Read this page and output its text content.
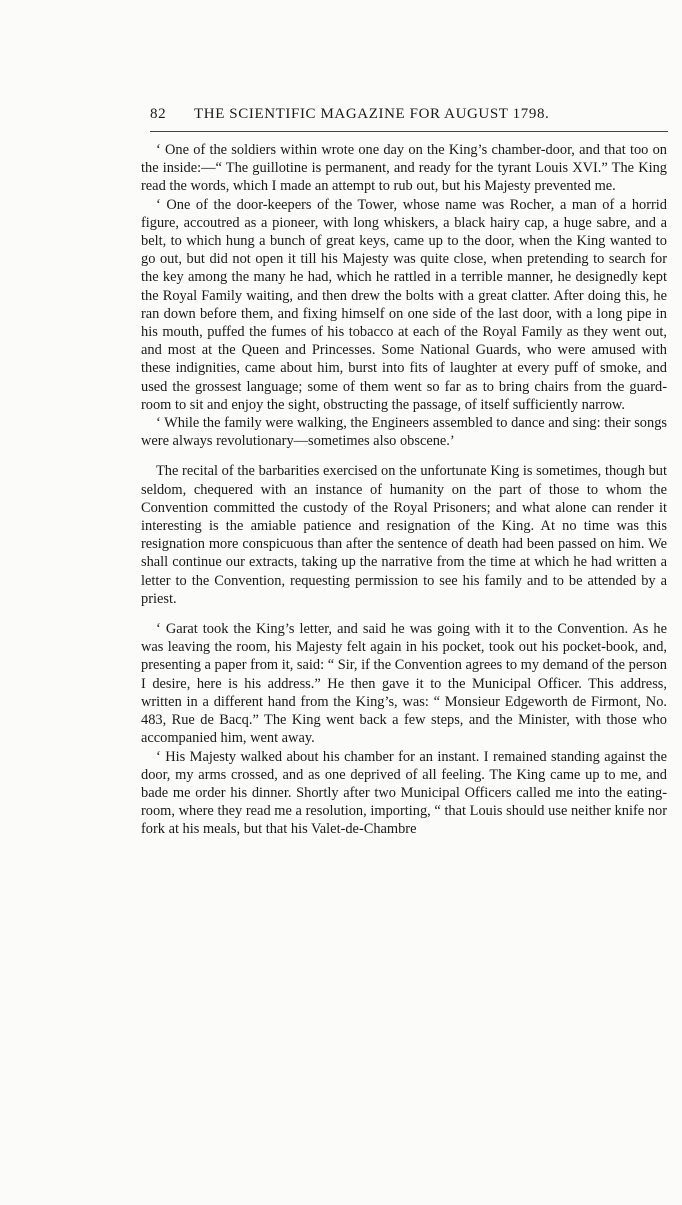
82 THE SCIENTIFIC MAGAZINE FOR AUGUST 1798.

‘ One of the soldiers within wrote one day on the King’s chamber-door, and that too on the inside:—“ The guillotine is permanent, and ready for the tyrant Louis XVI.” The King read the words, which I made an attempt to rub out, but his Majesty prevented me.

‘ One of the door-keepers of the Tower, whose name was Rocher, a man of a horrid figure, accoutred as a pioneer, with long whiskers, a black hairy cap, a huge sabre, and a belt, to which hung a bunch of great keys, came up to the door, when the King wanted to go out, but did not open it till his Majesty was quite close, when pretending to search for the key among the many he had, which he rattled in a terrible manner, he designedly kept the Royal Family waiting, and then drew the bolts with a great clatter. After doing this, he ran down before them, and fixing himself on one side of the last door, with a long pipe in his mouth, puffed the fumes of his tobacco at each of the Royal Family as they went out, and most at the Queen and Princesses. Some National Guards, who were amused with these indignities, came about him, burst into fits of laughter at every puff of smoke, and used the grossest language; some of them went so far as to bring chairs from the guard-room to sit and enjoy the sight, obstructing the passage, of itself sufficiently narrow.

‘ While the family were walking, the Engineers assembled to dance and sing: their songs were always revolutionary—sometimes also obscene.’

The recital of the barbarities exercised on the unfortunate King is sometimes, though but seldom, chequered with an instance of humanity on the part of those to whom the Convention committed the custody of the Royal Prisoners; and what alone can render it interesting is the amiable patience and resignation of the King. At no time was this resignation more conspicuous than after the sentence of death had been passed on him. We shall continue our extracts, taking up the narrative from the time at which he had written a letter to the Convention, requesting permission to see his family and to be attended by a priest.

‘ Garat took the King’s letter, and said he was going with it to the Convention. As he was leaving the room, his Majesty felt again in his pocket, took out his pocket-book, and, presenting a paper from it, said: “ Sir, if the Convention agrees to my demand of the person I desire, here is his address.” He then gave it to the Municipal Officer. This address, written in a different hand from the King’s, was: “ Monsieur Edgeworth de Firmont, No. 483, Rue de Bacq.” The King went back a few steps, and the Minister, with those who accompanied him, went away.

‘ His Majesty walked about his chamber for an instant. I remained standing against the door, my arms crossed, and as one deprived of all feeling. The King came up to me, and bade me order his dinner. Shortly after two Municipal Officers called me into the eating-room, where they read me a resolution, importing, “ that Louis should use neither knife nor fork at his meals, but that his Valet-de-Chambre
